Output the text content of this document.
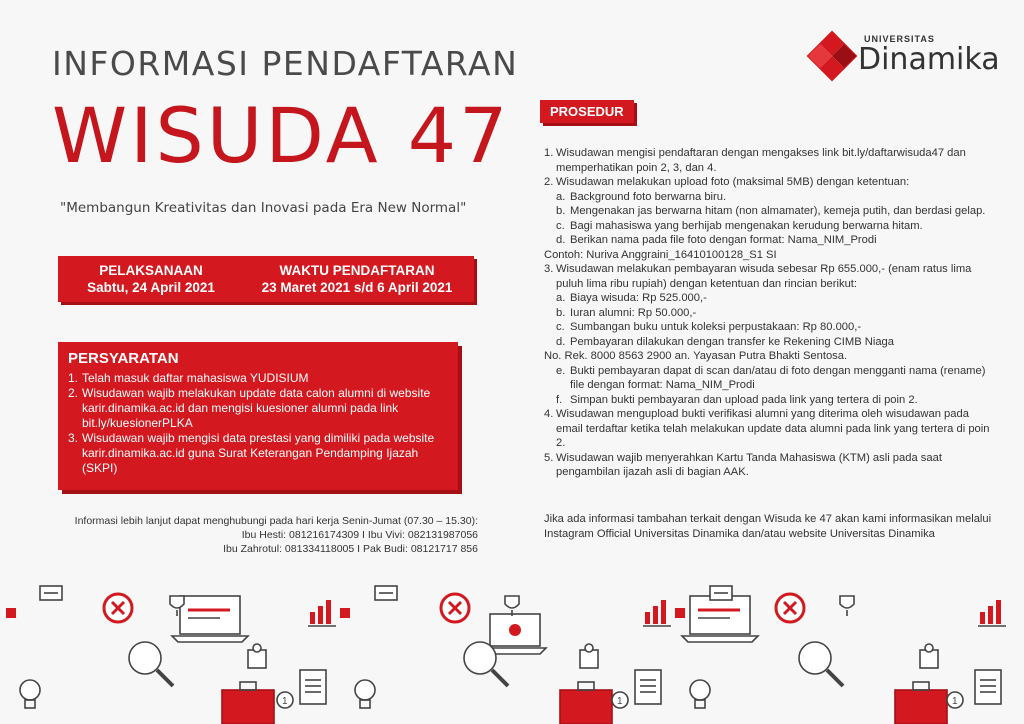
INFORMASI PENDAFTARAN
WISUDA 47
"Membangun Kreativitas dan Inovasi pada Era New Normal"
UNIVERSITAS
Dinamika
PELAKSANAAN
Sabtu, 24 April 2021
WAKTU PENDAFTARAN
23 Maret 2021 s/d 6 April 2021
PERSYARATAN
1. Telah masuk daftar mahasiswa YUDISIUM
2. Wisudawan wajib melakukan update data calon alumni di website karir.dinamika.ac.id dan mengisi kuesioner alumni pada link bit.ly/kuesionerPLKA
3. Wisudawan wajib mengisi data prestasi yang dimiliki pada website karir.dinamika.ac.id guna Surat Keterangan Pendamping Ijazah (SKPI)
Informasi lebih lanjut dapat menghubungi pada hari kerja Senin-Jumat (07.30 – 15.30):
Ibu Hesti: 081216174309 I Ibu Vivi: 082131987056
Ibu Zahrotul: 081334118005 I Pak Budi: 08121717 856
PROSEDUR
1. Wisudawan mengisi pendaftaran dengan mengakses link bit.ly/daftarwisuda47 dan memperhatikan poin 2, 3, dan 4.
2. Wisudawan melakukan upload foto (maksimal 5MB) dengan ketentuan:
a. Background foto berwarna biru.
b. Mengenakan jas berwarna hitam (non almamater), kemeja putih, dan berdasi gelap.
c. Bagi mahasiswa yang berhijab mengenakan kerudung berwarna hitam.
d. Berikan nama pada file foto dengan format: Nama_NIM_Prodi
Contoh: Nuriva Anggraini_16410100128_S1 SI
3. Wisudawan melakukan pembayaran wisuda sebesar Rp 655.000,- (enam ratus lima puluh lima ribu rupiah) dengan ketentuan dan rincian berikut:
a. Biaya wisuda: Rp 525.000,-
b. Iuran alumni: Rp 50.000,-
c. Sumbangan buku untuk koleksi perpustakaan: Rp 80.000,-
d. Pembayaran dilakukan dengan transfer ke Rekening CIMB Niaga
No. Rek. 8000 8563 2900 an. Yayasan Putra Bhakti Sentosa.
e. Bukti pembayaran dapat di scan dan/atau di foto dengan mengganti nama (rename) file dengan format: Nama_NIM_Prodi
f. Simpan bukti pembayaran dan upload pada link yang tertera di poin 2.
4. Wisudawan mengupload bukti verifikasi alumni yang diterima oleh wisudawan pada email terdaftar ketika telah melakukan update data alumni pada link yang tertera di poin 2.
5. Wisudawan wajib menyerahkan Kartu Tanda Mahasiswa (KTM) asli pada saat pengambilan ijazah asli di bagian AAK.
Jika ada informasi tambahan terkait dengan Wisuda ke 47 akan kami informasikan melalui Instagram Official Universitas Dinamika dan/atau website Universitas Dinamika
1	1	1
